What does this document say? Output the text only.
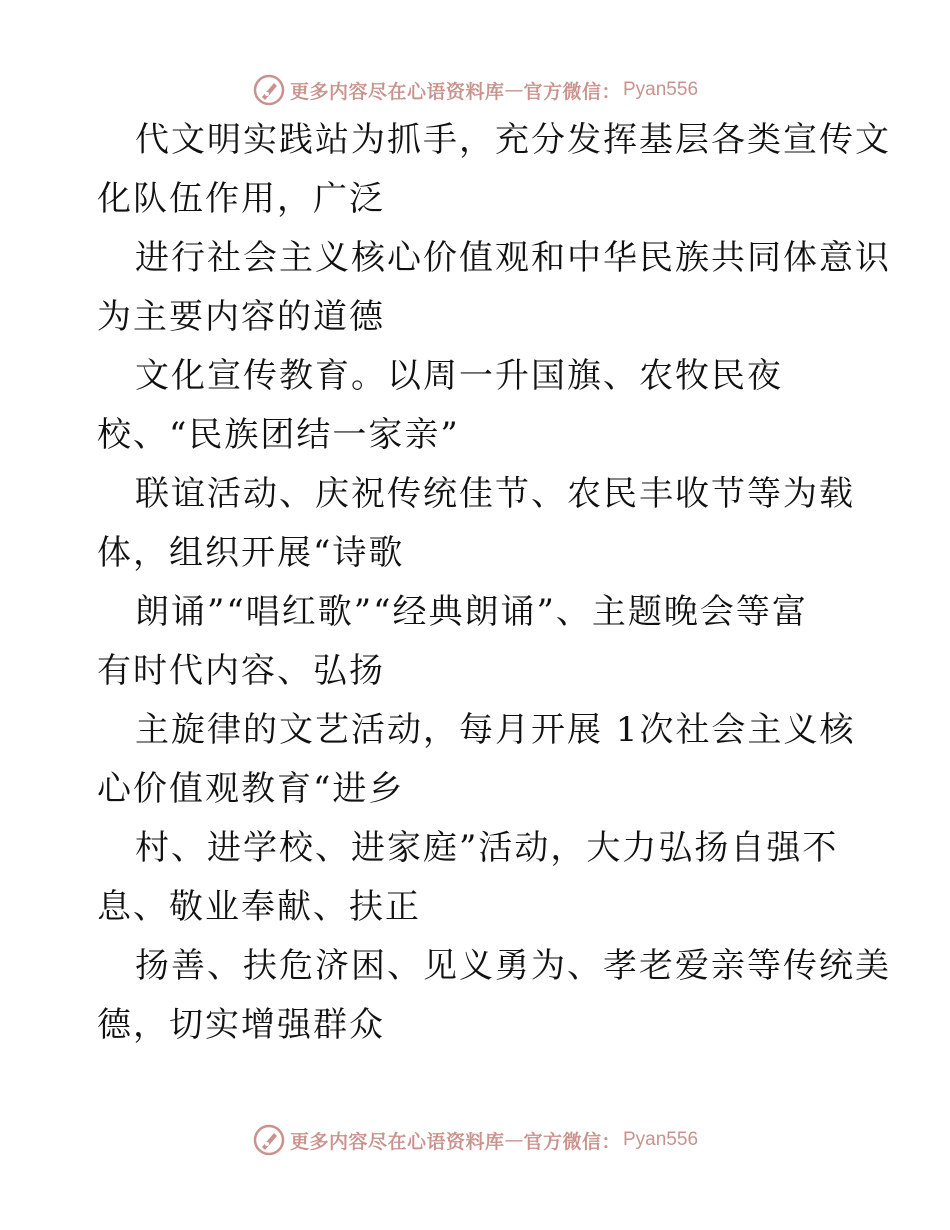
更多内容尽在心语资料库 — 官方微信： Pyan556
代文明实践站为抓手，充分发挥基层各类宣传文
化队伍作用，广泛
进行社会主义核心价值观和中华民族共同体意识
为主要内容的道德
文化宣传教育。以周一升国旗、农牧民夜
校、“民族团结一家亲”
联谊活动、庆祝传统佳节、农民丰收节等为载
体，组织开展“诗歌
朗诵”“唱红歌”“经典朗诵”、主题晚会等富
有时代内容、弘扬
主旋律的文艺活动，每月开展 1次社会主义核
心价值观教育“进乡
村、进学校、进家庭”活动，大力弘扬自强不
息、敬业奉献、扶正
扬善、扶危济困、见义勇为、孝老爱亲等传统美
德，切实增强群众
更多内容尽在心语资料库 — 官方微信： Pyan556
